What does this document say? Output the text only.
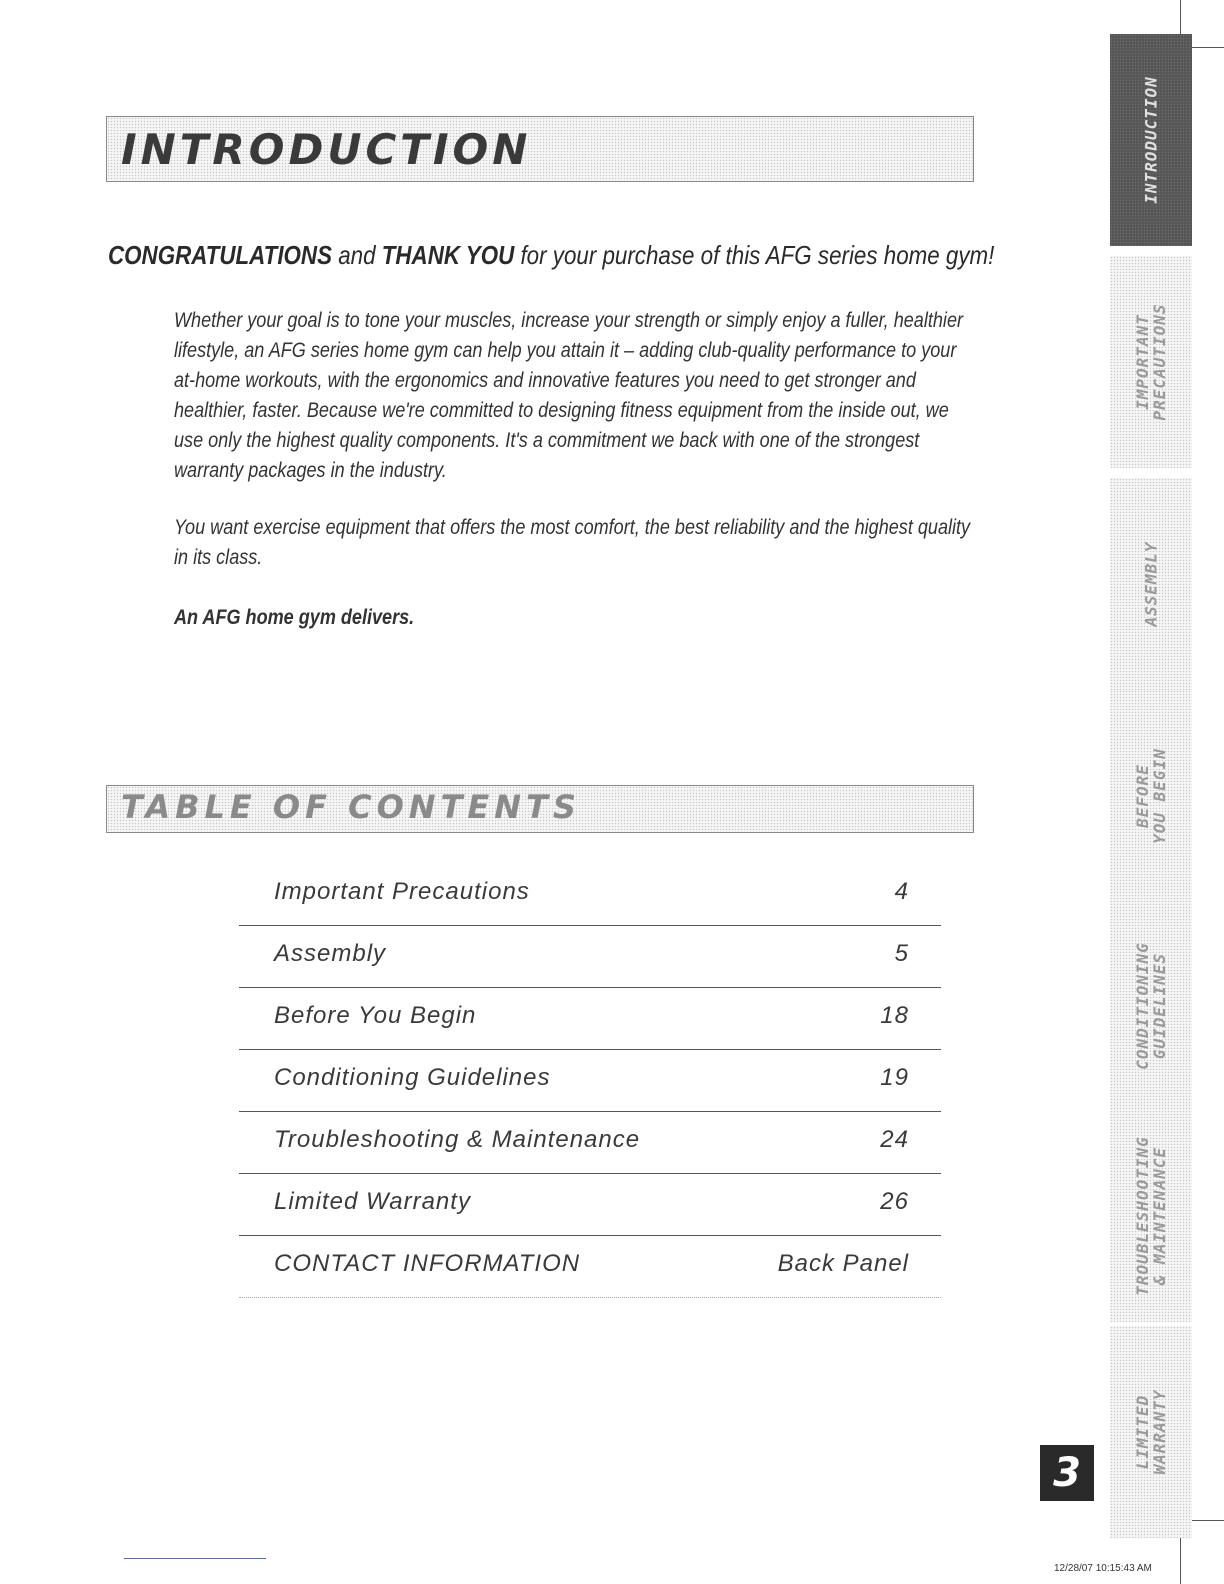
INTRODUCTION
CONGRATULATIONS and THANK YOU for your purchase of this AFG series home gym!
Whether your goal is to tone your muscles, increase your strength or simply enjoy a fuller, healthier lifestyle, an AFG series home gym can help you attain it – adding club-quality performance to your at-home workouts, with the ergonomics and innovative features you need to get stronger and healthier, faster. Because we're committed to designing fitness equipment from the inside out, we use only the highest quality components. It's a commitment we back with one of the strongest warranty packages in the industry.
You want exercise equipment that offers the most comfort, the best reliability and the highest quality in its class.
An AFG home gym delivers.
TABLE OF CONTENTS
Important Precautions	4
Assembly	5
Before You Begin	18
Conditioning Guidelines	19
Troubleshooting & Maintenance	24
Limited Warranty	26
CONTACT INFORMATION	Back Panel
INTRODUCTION

IMPORTANT
PRECAUTIONS
ASSEMBLY

BEFORE
YOU BEGIN
CONDITIONING
GUIDELINES
TROUBLESHOOTING
& MAINTENANCE
LIMITED
WARRANTY
3
12/28/07 10:15:43 AM
